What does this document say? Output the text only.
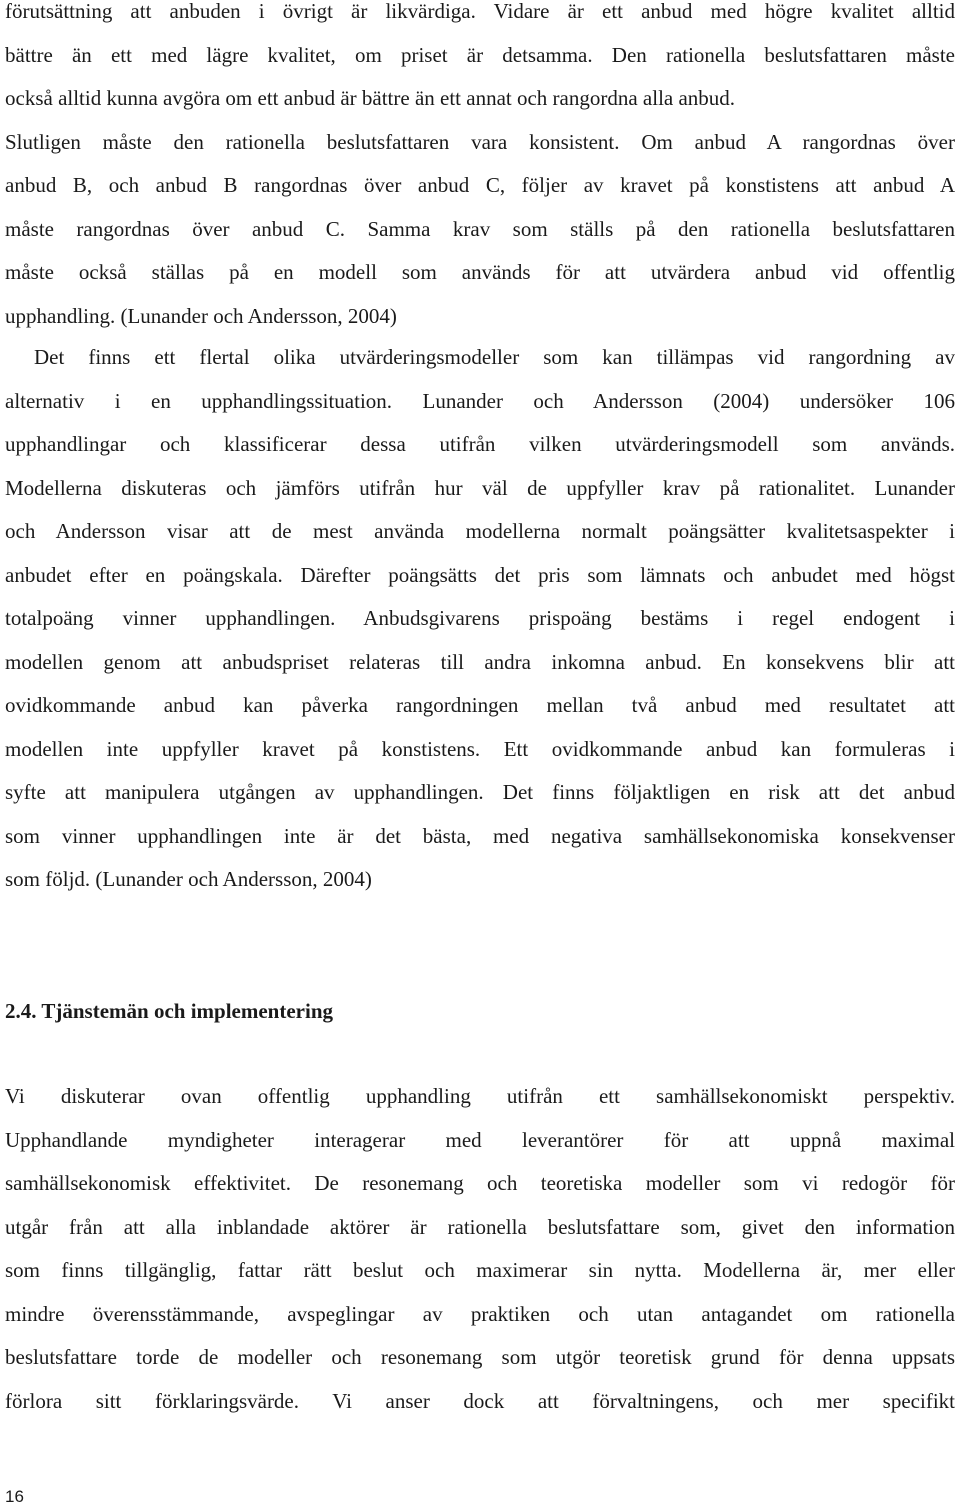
förutsättning att anbuden i övrigt är likvärdiga. Vidare är ett anbud med högre kvalitet alltid
bättre än ett med lägre kvalitet, om priset är detsamma. Den rationella beslutsfattaren måste
också alltid kunna avgöra om ett anbud är bättre än ett annat och rangordna alla anbud.
Slutligen måste den rationella beslutsfattaren vara konsistent. Om anbud A rangordnas över
anbud B, och anbud B rangordnas över anbud C, följer av kravet på konstistens att anbud A
måste rangordnas över anbud C. Samma krav som ställs på den rationella beslutsfattaren
måste också ställas på en modell som används för att utvärdera anbud vid offentlig
upphandling. (Lunander och Andersson, 2004)
Det finns ett flertal olika utvärderingsmodeller som kan tillämpas vid rangordning av
alternativ i en upphandlingssituation. Lunander och Andersson (2004) undersöker 106
upphandlingar och klassificerar dessa utifrån vilken utvärderingsmodell som används.
Modellerna diskuteras och jämförs utifrån hur väl de uppfyller krav på rationalitet. Lunander
och Andersson visar att de mest använda modellerna normalt poängsätter kvalitetsaspekter i
anbudet efter en poängskala. Därefter poängsätts det pris som lämnats och anbudet med högst
totalpoäng vinner upphandlingen. Anbudsgivarens prispoäng bestäms i regel endogent i
modellen genom att anbudspriset relateras till andra inkomna anbud. En konsekvens blir att
ovidkommande anbud kan påverka rangordningen mellan två anbud med resultatet att
modellen inte uppfyller kravet på konstistens. Ett ovidkommande anbud kan formuleras i
syfte att manipulera utgången av upphandlingen. Det finns följaktligen en risk att det anbud
som vinner upphandlingen inte är det bästa, med negativa samhällsekonomiska konsekvenser
som följd. (Lunander och Andersson, 2004)
2.4. Tjänstemän och implementering
Vi diskuterar ovan offentlig upphandling utifrån ett samhällsekonomiskt perspektiv.
Upphandlande myndigheter interagerar med leverantörer för att uppnå maximal
samhällsekonomisk effektivitet. De resonemang och teoretiska modeller som vi redogör för
utgår från att alla inblandade aktörer är rationella beslutsfattare som, givet den information
som finns tillgänglig, fattar rätt beslut och maximerar sin nytta. Modellerna är, mer eller
mindre överensstämmande, avspeglingar av praktiken och utan antagandet om rationella
beslutsfattare torde de modeller och resonemang som utgör teoretisk grund för denna uppsats
förlora sitt förklaringsvärde. Vi anser dock att förvaltningens, och mer specifikt
16
